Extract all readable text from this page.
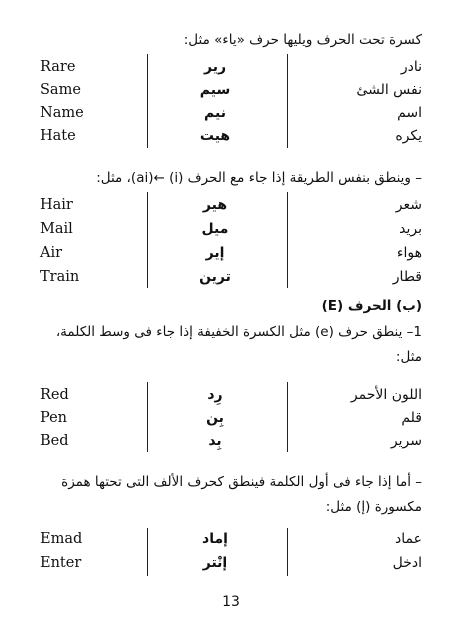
كسرة تحت الحرف ويليها حرف «ياء» مثل:
Rare	رير	نادر
Same	سيم	نفس الشئ
Name	نيم	اسم
Hate	هيت	يكره
– وينطق بنفس الطريقة إذا جاء مع الحرف (i) ←(ai)، مثل:
Hair	هير	شعر
Mail	ميل	بريد
Air	إير	هواء
Train	ترين	قطار
(ب) الحرف (E)
1– ينطق حرف (e) مثل الكسرة الخفيفة إذا جاء فى وسط الكلمة، مثل:
Red	رِد	اللون الأحمر
Pen	بِن	قلم
Bed	بِد	سرير
– أما إذا جاء فى أول الكلمة فينطق كحرف الألف التى تحتها همزة مكسورة (إ) مثل:
Emad	إماد	عماد
Enter	إنْتر	ادخل
13
